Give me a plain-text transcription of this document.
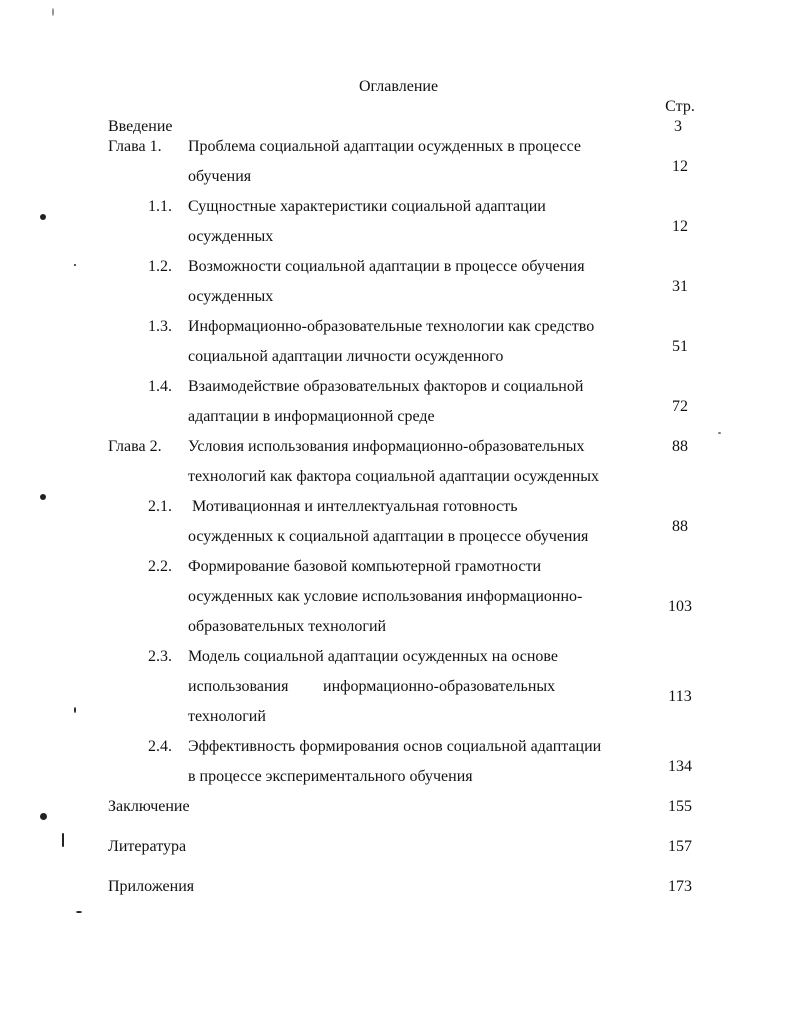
Оглавление
Стр.
Введение	3
Глава 1. Проблема социальной адаптации осужденных в процессе
обучения
12
1.1. Сущностные характеристики социальной адаптации
осужденных
12
1.2. Возможности социальной адаптации в процессе обучения
осужденных
31
1.3. Информационно-образовательные технологии как средство
социальной адаптации личности осужденного
51
1.4. Взаимодействие образовательных факторов и социальной
адаптации в информационной среде
72
Глава 2. Условия использования информационно-образовательных
технологий как фактора социальной адаптации осужденных
88
2.1. Мотивационная и интеллектуальная готовность
осужденных к социальной адаптации в процессе обучения
88
2.2. Формирование базовой компьютерной грамотности
осужденных как условие использования информационно-
образовательных технологий
103
2.3. Модель социальной адаптации осужденных на основе
использования информационно-образовательных
технологий
113
2.4. Эффективность формирования основ социальной адаптации
в процессе экспериментального обучения
134
Заключение	155
Литература	157
Приложения	173
